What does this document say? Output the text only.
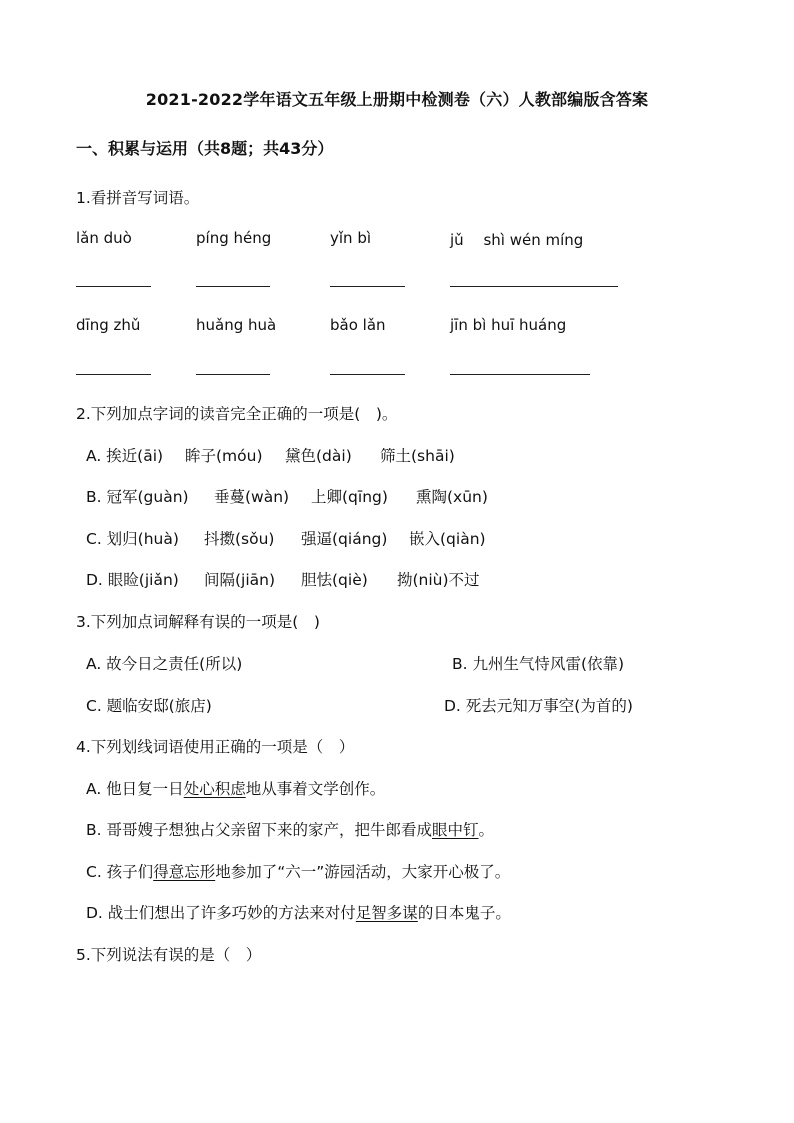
2021-2022学年语文五年级上册期中检测卷（六）人教部编版含答案
一、积累与运用（共8题；共43分）
1.看拼音写词语。
lǎn duò	píng héng	yǐn bì	jǔ　 shì wén míng
dīng zhǔ	huǎng huà	bǎo lǎn	jīn bì huī huáng
2.下列加点字词的读音完全正确的一项是(　)。
A. 挨近(āi) 眸子(móu) 黛色(dài) 筛土(shāi)
B. 冠军(guàn) 垂蔓(wàn) 上卿(qīng) 熏陶(xūn)
C. 划归(huà) 抖擞(sǒu) 强逼(qiáng) 嵌入(qiàn)
D. 眼睑(jiǎn) 间隔(jiān) 胆怯(qiè) 拗(niù)不过
3.下列加点词解释有误的一项是(　)
A. 故今日之责任(所以)	B. 九州生气恃风雷(依靠)
C. 题临安邸(旅店)	D. 死去元知万事空(为首的)
4.下列划线词语使用正确的一项是（　）
A. 他日复一日处心积虑地从事着文学创作。
B. 哥哥嫂子想独占父亲留下来的家产，把牛郎看成眼中钉。
C. 孩子们得意忘形地参加了“六一”游园活动，大家开心极了。
D. 战士们想出了许多巧妙的方法来对付足智多谋的日本鬼子。
5.下列说法有误的是（　）
